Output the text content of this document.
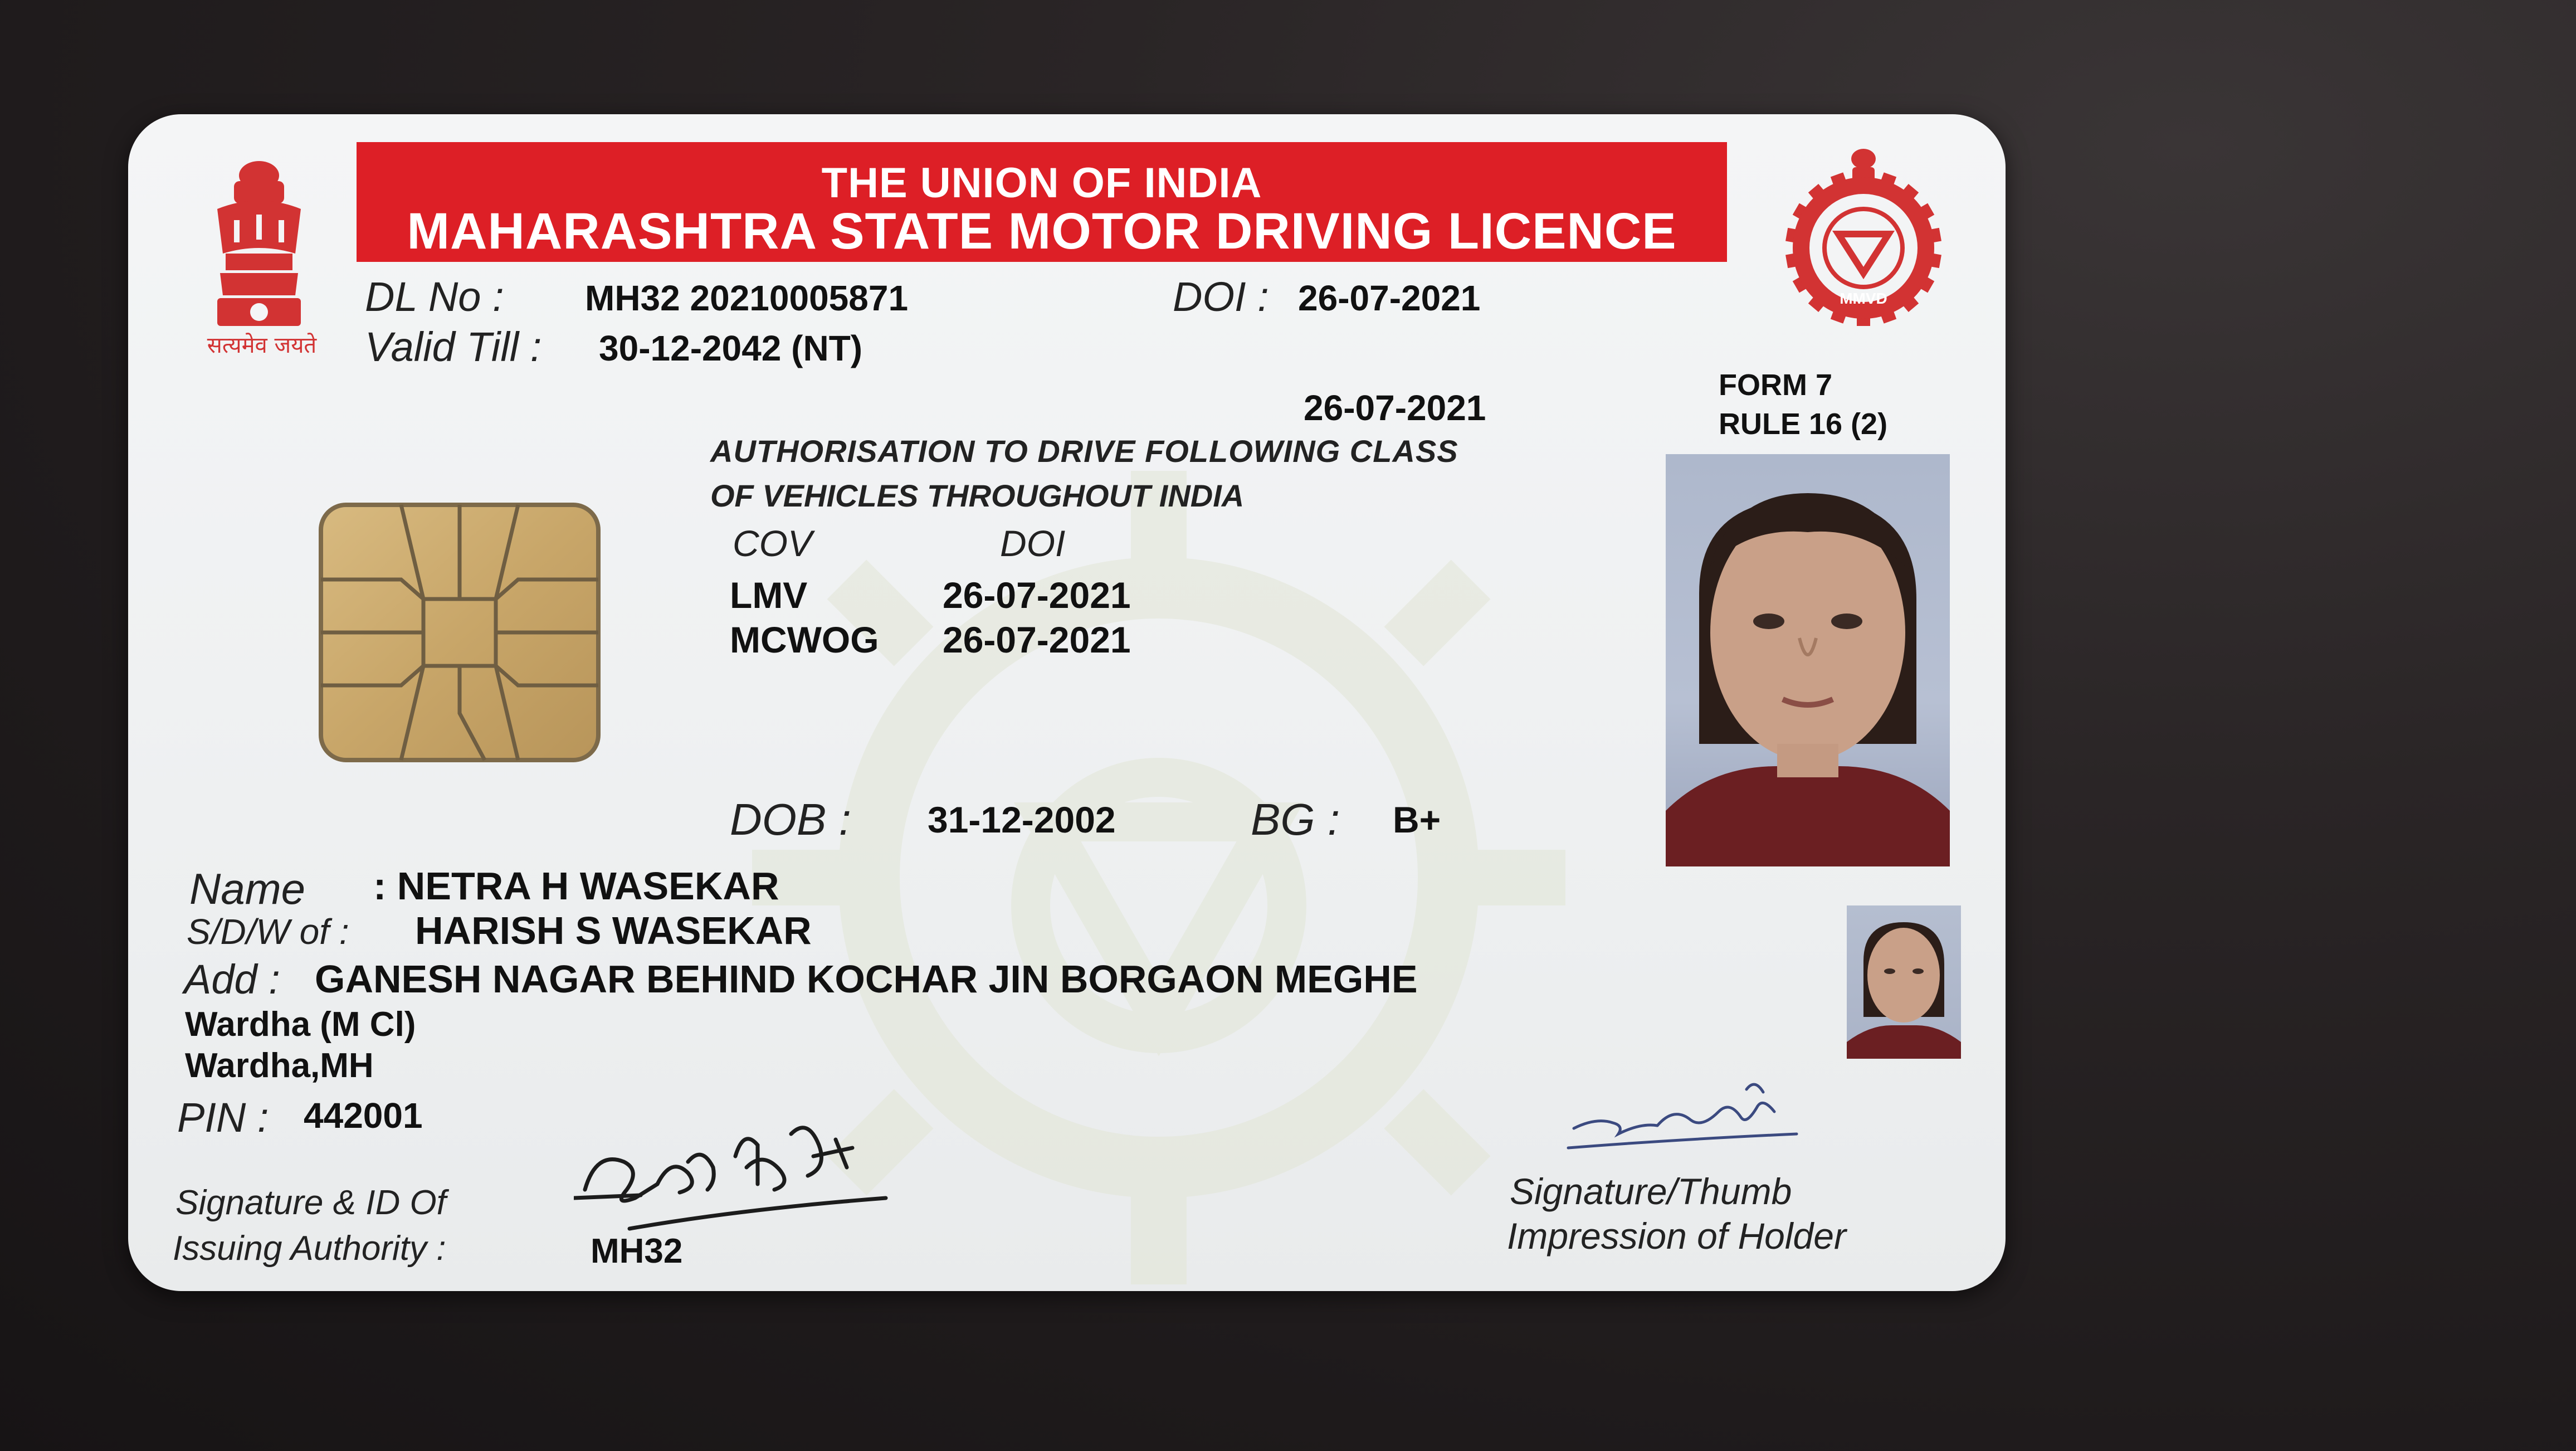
सत्यमेव जयते
THE UNION OF INDIA
MAHARASHTRA STATE MOTOR DRIVING LICENCE
MMVD
DL No : MH32 20210005871	DOI : 26-07-2021
Valid Till : 30-12-2042 (NT)
26-07-2021
FORM 7
RULE 16 (2)
AUTHORISATION TO DRIVE FOLLOWING CLASS
OF VEHICLES THROUGHOUT INDIA
COV	DOI
LMV	26-07-2021
MCWOG 26-07-2021
DOB : 31-12-2002	BG : B+
Name : NETRA H WASEKAR
S/D/W of : HARISH S WASEKAR
Add : GANESH NAGAR BEHIND KOCHAR JIN BORGAON MEGHE
Wardha (M Cl)
Wardha,MH
PIN : 442001
Signature & ID Of
Issuing Authority :	MH32
Signature/Thumb
Impression of Holder
